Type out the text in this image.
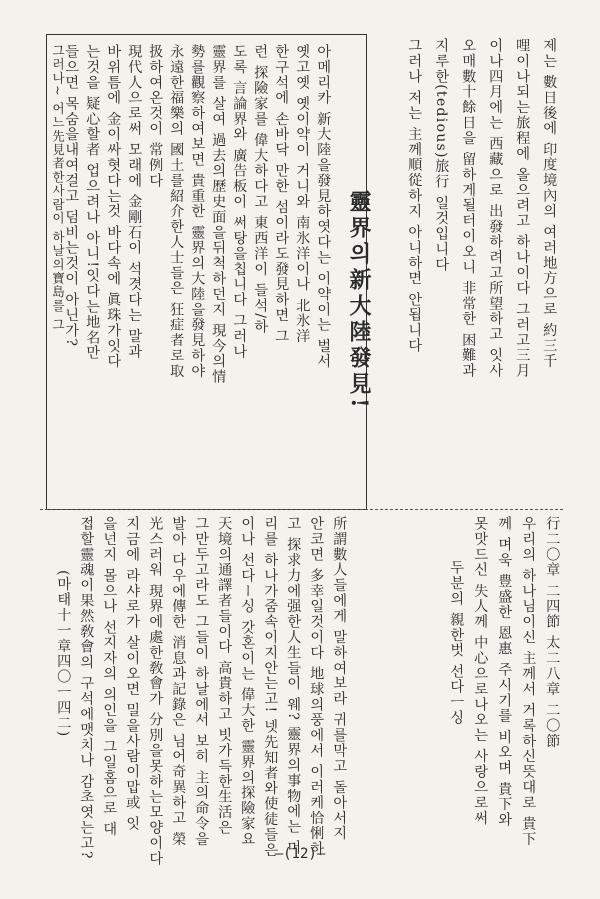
제는 數日後에 印度境內의 여러地方으로 約三千
哩이나되는旅程에 올으려고 하나이다 그러고三月
이나四月에는 西藏으로 出發하려고所望하고 잇사
오매數十餘日을 留하게될터이오니 非常한 困難과
지루한(tedious)旅行 일것입니다
그러나 저는 主께順從하지 아니하면 안됩니다
靈界의新大陸發見!
아메리카 新大陸을發見하엿다는 이약이는 벌서
옛고옛 옛이약이 거니와 南氷洋이나 北氷洋
한구석에 손바닥 만한 섬이라도發見하면 그
런 探險家를 偉大하다고 東西洋이 들석/하
도록 言論界와 廣告板이 써탕을칩니다 그러나
靈界를 살여 過去의歷史面을뒤척하던지 現今의情
勢를觀察하여보면 貴重한 靈界의大陸을發見하야
永遠한福樂의 國土를紹介한人士들은 狂症者로取
扱하여온것이 常例다
現代人으로써 모래에 金剛石이 석겻다는 말과
바위틈에 金이싸혓다는것 바다속에 眞珠가잇다
는것을 疑心할者 업으려나 아니!잇다는地名만
들으면 목숨을내여걸고 덤비는것이 아닌가?
그러나~ 어느先見者한사람이 하날의寶島를 그
行二〇章 二四節 太二八章 二〇節
우리의 하나님이신 主께서 거록하신뜻대로 貴下
께 며욱 豊盛한 恩惠 주시기를 비오며 貴下와
못맛드신 失人께 中心으로나오는 사랑으로써
두분의 親한벗 선다ㅡ싱
所謂數人들에게 말하여보라 귀를막고 돌아서지
안코면 多幸일것이다 地球의풍에서 이러케恰悧하
고 探求力에强한人生들이 웨? 靈界의事物에는 머
리를 하나가줌속이지안는고! 넷先知者와使徒들은
이나 선다ー싱 갓혼이는 偉大한 靈界의探險家요
天境의通譯者들이다 高貴하고 빗가득한生活은
그만두고라도 그들이 하날에서 보히 主의命令을
발아 다우에傳한 消息과記錄은 님어奇異하고 榮
光스러워 現界에處한敎會가 分別을못하는모양이다
지금에 라샤로가 살이오면 밀을사람이맙或 잇
을넌지 몰으나 선지자의 의인을 그일홈으로 대
접할靈魂이果然敎會의 구석에맷치나 감초엿는고?
(마태十一章四〇ㅡ四二)
—(12)—
